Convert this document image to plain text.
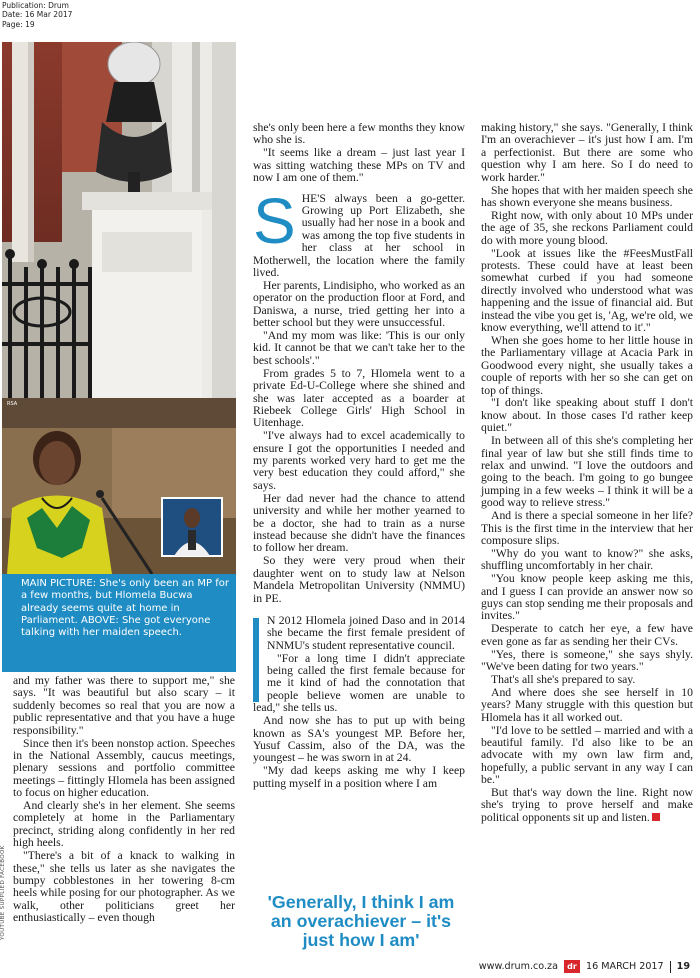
Publication: Drum
Date: 16 Mar 2017
Page: 19
RSA
MAIN PICTURE: She's only been an MP for a few months, but Hlomela Bucwa already seems quite at home in Parliament. ABOVE: She got everyone talking with her maiden speech.
YOUTUBE SUPPLIED FACEBOOK

and my father was there to support me," she says. "It was beautiful but also scary – it suddenly becomes so real that you are now a public representative and that you have a huge responsibility."

Since then it's been nonstop action. Speeches in the National Assembly, caucus meetings, plenary sessions and portfolio committee meetings – fittingly Hlomela has been assigned to focus on higher education.

And clearly she's in her element. She seems completely at home in the Parliamentary precinct, striding along confidently in her red high heels.

"There's a bit of a knack to walking in these," she tells us later as she navigates the bumpy cobblestones in her towering 8-cm heels while posing for our photographer. As we walk, other politicians greet her enthusiastically – even though

she's only been here a few months they know who she is.

"It seems like a dream – just last year I was sitting watching these MPs on TV and now I am one of them."

SHE'S always been a go-getter. Growing up Port Elizabeth, she usually had her nose in a book and was among the top five students in her class at her school in Motherwell, the location where the family lived.

Her parents, Lindisipho, who worked as an operator on the production floor at Ford, and Daniswa, a nurse, tried getting her into a better school but they were unsuccessful.

"And my mom was like: 'This is our only kid. It cannot be that we can't take her to the best schools'."

From grades 5 to 7, Hlomela went to a private Ed-U-College where she shined and she was later accepted as a boarder at Riebeek College Girls' High School in Uitenhage.

"I've always had to excel academically to ensure I got the opportunities I needed and my parents worked very hard to get me the very best education they could afford," she says.

Her dad never had the chance to attend university and while her mother yearned to be a doctor, she had to train as a nurse instead because she didn't have the finances to follow her dream.

So they were very proud when their daughter went on to study law at Nelson Mandela Metropolitan University (NMMU) in PE.

N 2012 Hlomela joined Daso and in 2014 she became the first female president of NNMU's student representative council.

"For a long time I didn't appreciate being called the first female because for me it kind of had the connotation that people believe women are unable to lead," she tells us.

And now she has to put up with being known as SA's youngest MP. Before her, Yusuf Cassim, also of the DA, was the youngest – he was sworn in at 24.

"My dad keeps asking me why I keep putting myself in a position where I am

'Generally, I think I am an overachiever – it's just how I am'

making history," she says. "Generally, I think I'm an overachiever – it's just how I am. I'm a perfectionist. But there are some who question why I am here. So I do need to work harder."

She hopes that with her maiden speech she has shown everyone she means business.

Right now, with only about 10 MPs under the age of 35, she reckons Parliament could do with more young blood.

"Look at issues like the #FeesMustFall protests. These could have at least been somewhat curbed if you had someone directly involved who understood what was happening and the issue of financial aid. But instead the vibe you get is, 'Ag, we're old, we know everything, we'll attend to it'."

When she goes home to her little house in the Parliamentary village at Acacia Park in Goodwood every night, she usually takes a couple of reports with her so she can get on top of things.

"I don't like speaking about stuff I don't know about. In those cases I'd rather keep quiet."

In between all of this she's completing her final year of law but she still finds time to relax and unwind. "I love the outdoors and going to the beach. I'm going to go bungee jumping in a few weeks – I think it will be a good way to relieve stress."

And is there a special someone in her life? This is the first time in the interview that her composure slips.

"Why do you want to know?" she asks, shuffling uncomfortably in her chair.

"You know people keep asking me this, and I guess I can provide an answer now so guys can stop sending me their proposals and invites."

Desperate to catch her eye, a few have even gone as far as sending her their CVs.

"Yes, there is someone," she says shyly. "We've been dating for two years."

That's all she's prepared to say.

And where does she see herself in 10 years? Many struggle with this question but Hlomela has it all worked out.

"I'd love to be settled – married and with a beautiful family. I'd also like to be an advocate with my own law firm and, hopefully, a public servant in any way I can be."

But that's way down the line. Right now she's trying to prove herself and make political opponents sit up and listen.

www.drum.co.za	dr 16 MARCH 2017 19
